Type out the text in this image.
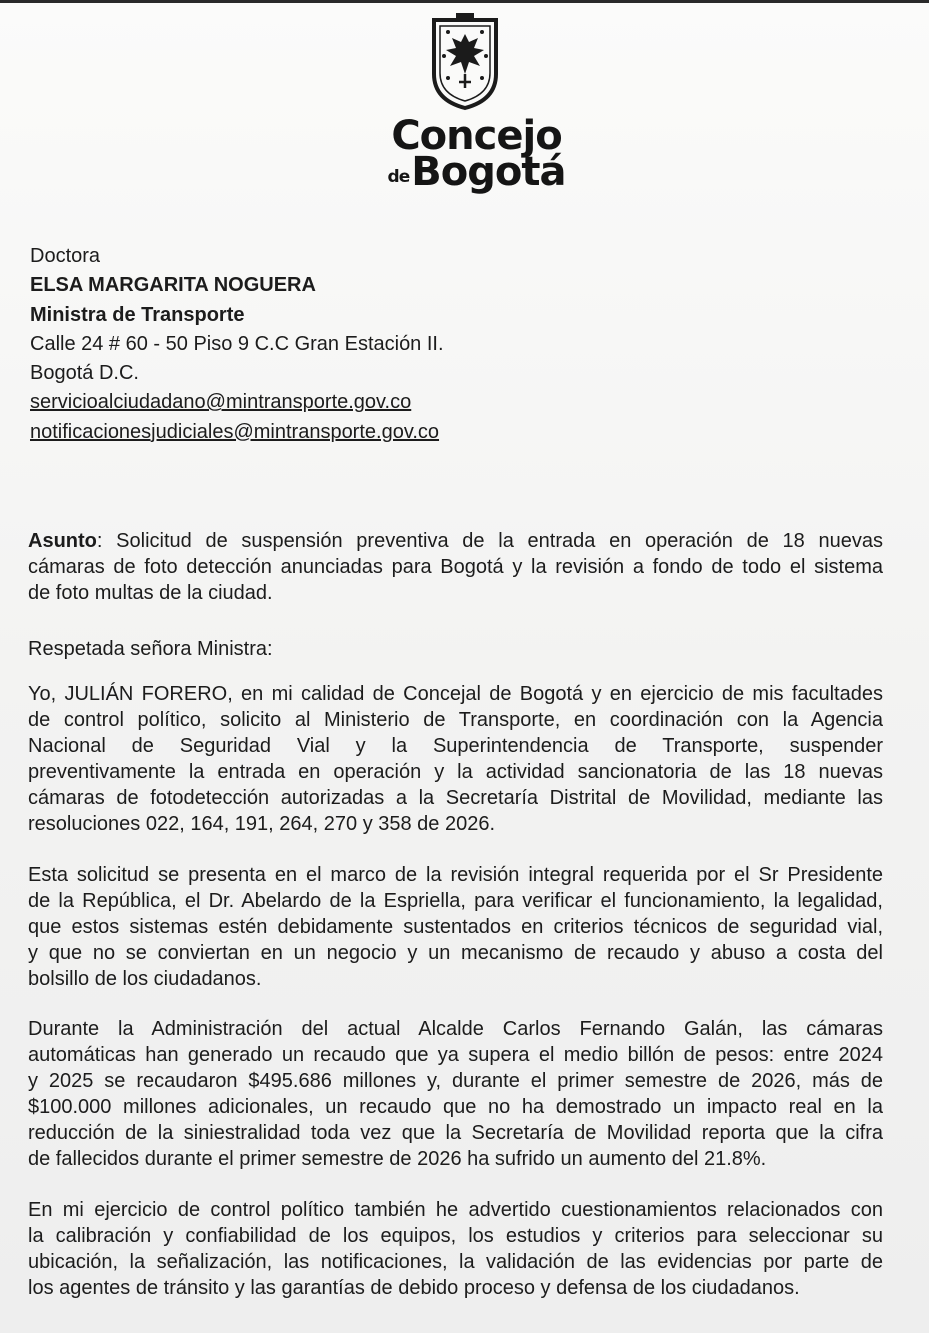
Concejo
deBogotá
Doctora
ELSA MARGARITA NOGUERA
Ministra de Transporte
Calle 24 # 60 - 50 Piso 9 C.C Gran Estación II.
Bogotá D.C.
servicioalciudadano@mintransporte.gov.co
notificacionesjudiciales@mintransporte.gov.co
Asunto: Solicitud de suspensión preventiva de la entrada en operación de 18 nuevas
cámaras de foto detección anunciadas para Bogotá y la revisión a fondo de todo el sistema
de foto multas de la ciudad.
Respetada señora Ministra:
Yo, JULIÁN FORERO, en mi calidad de Concejal de Bogotá y en ejercicio de mis facultades
de control político, solicito al Ministerio de Transporte, en coordinación con la Agencia
Nacional de Seguridad Vial y la Superintendencia de Transporte, suspender
preventivamente la entrada en operación y la actividad sancionatoria de las 18 nuevas
cámaras de fotodetección autorizadas a la Secretaría Distrital de Movilidad, mediante las
resoluciones 022, 164, 191, 264, 270 y 358 de 2026.
Esta solicitud se presenta en el marco de la revisión integral requerida por el Sr Presidente
de la República, el Dr. Abelardo de la Espriella, para verificar el funcionamiento, la legalidad,
que estos sistemas estén debidamente sustentados en criterios técnicos de seguridad vial,
y que no se conviertan en un negocio y un mecanismo de recaudo y abuso a costa del
bolsillo de los ciudadanos.
Durante la Administración del actual Alcalde Carlos Fernando Galán, las cámaras
automáticas han generado un recaudo que ya supera el medio billón de pesos: entre 2024
y 2025 se recaudaron $495.686 millones y, durante el primer semestre de 2026, más de
$100.000 millones adicionales, un recaudo que no ha demostrado un impacto real en la
reducción de la siniestralidad toda vez que la Secretaría de Movilidad reporta que la cifra
de fallecidos durante el primer semestre de 2026 ha sufrido un aumento del 21.8%.
En mi ejercicio de control político también he advertido cuestionamientos relacionados con
la calibración y confiabilidad de los equipos, los estudios y criterios para seleccionar su
ubicación, la señalización, las notificaciones, la validación de las evidencias por parte de
los agentes de tránsito y las garantías de debido proceso y defensa de los ciudadanos.
